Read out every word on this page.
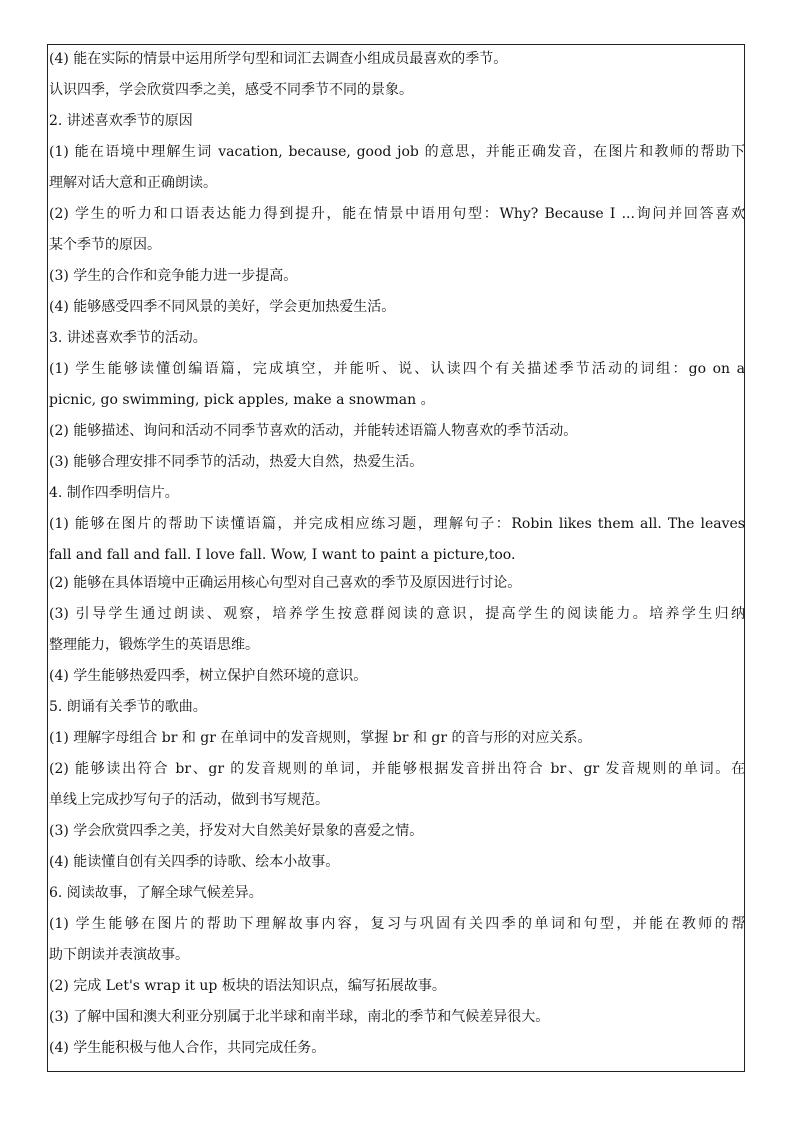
(4) 能在实际的情景中运用所学句型和词汇去调查小组成员最喜欢的季节。
认识四季，学会欣赏四季之美，感受不同季节不同的景象。
2. 讲述喜欢季节的原因
(1) 能在语境中理解生词 vacation, because, good job 的意思，并能正确发音，在图片和教师的帮助下
理解对话大意和正确朗读。
(2) 学生的听力和口语表达能力得到提升，能在情景中语用句型：Why? Because I ...询问并回答喜欢
某个季节的原因。
(3) 学生的合作和竞争能力进一步提高。
(4) 能够感受四季不同风景的美好，学会更加热爱生活。
3. 讲述喜欢季节的活动。
(1) 学生能够读懂创编语篇，完成填空，并能听、说、认读四个有关描述季节活动的词组：go on a
picnic, go swimming, pick apples, make a snowman 。
(2) 能够描述、询问和活动不同季节喜欢的活动，并能转述语篇人物喜欢的季节活动。
(3) 能够合理安排不同季节的活动，热爱大自然，热爱生活。
4. 制作四季明信片。
(1) 能够在图片的帮助下读懂语篇，并完成相应练习题，理解句子：Robin likes them all. The leaves
fall and fall and fall. I love fall. Wow, I want to paint a picture,too.
(2) 能够在具体语境中正确运用核心句型对自己喜欢的季节及原因进行讨论。
(3) 引导学生通过朗读、观察，培养学生按意群阅读的意识，提高学生的阅读能力。培养学生归纳
整理能力，锻炼学生的英语思维。
(4) 学生能够热爱四季，树立保护自然环境的意识。
5. 朗诵有关季节的歌曲。
(1) 理解字母组合 br 和 gr 在单词中的发音规则，掌握 br 和 gr 的音与形的对应关系。
(2) 能够读出符合 br、gr 的发音规则的单词，并能够根据发音拼出符合 br、gr 发音规则的单词。在
单线上完成抄写句子的活动，做到书写规范。
(3) 学会欣赏四季之美，抒发对大自然美好景象的喜爱之情。
(4) 能读懂自创有关四季的诗歌、绘本小故事。
6. 阅读故事，了解全球气候差异。
(1) 学生能够在图片的帮助下理解故事内容，复习与巩固有关四季的单词和句型，并能在教师的帮
助下朗读并表演故事。
(2) 完成 Let's wrap it up 板块的语法知识点，编写拓展故事。
(3) 了解中国和澳大利亚分别属于北半球和南半球，南北的季节和气候差异很大。
(4) 学生能积极与他人合作，共同完成任务。
